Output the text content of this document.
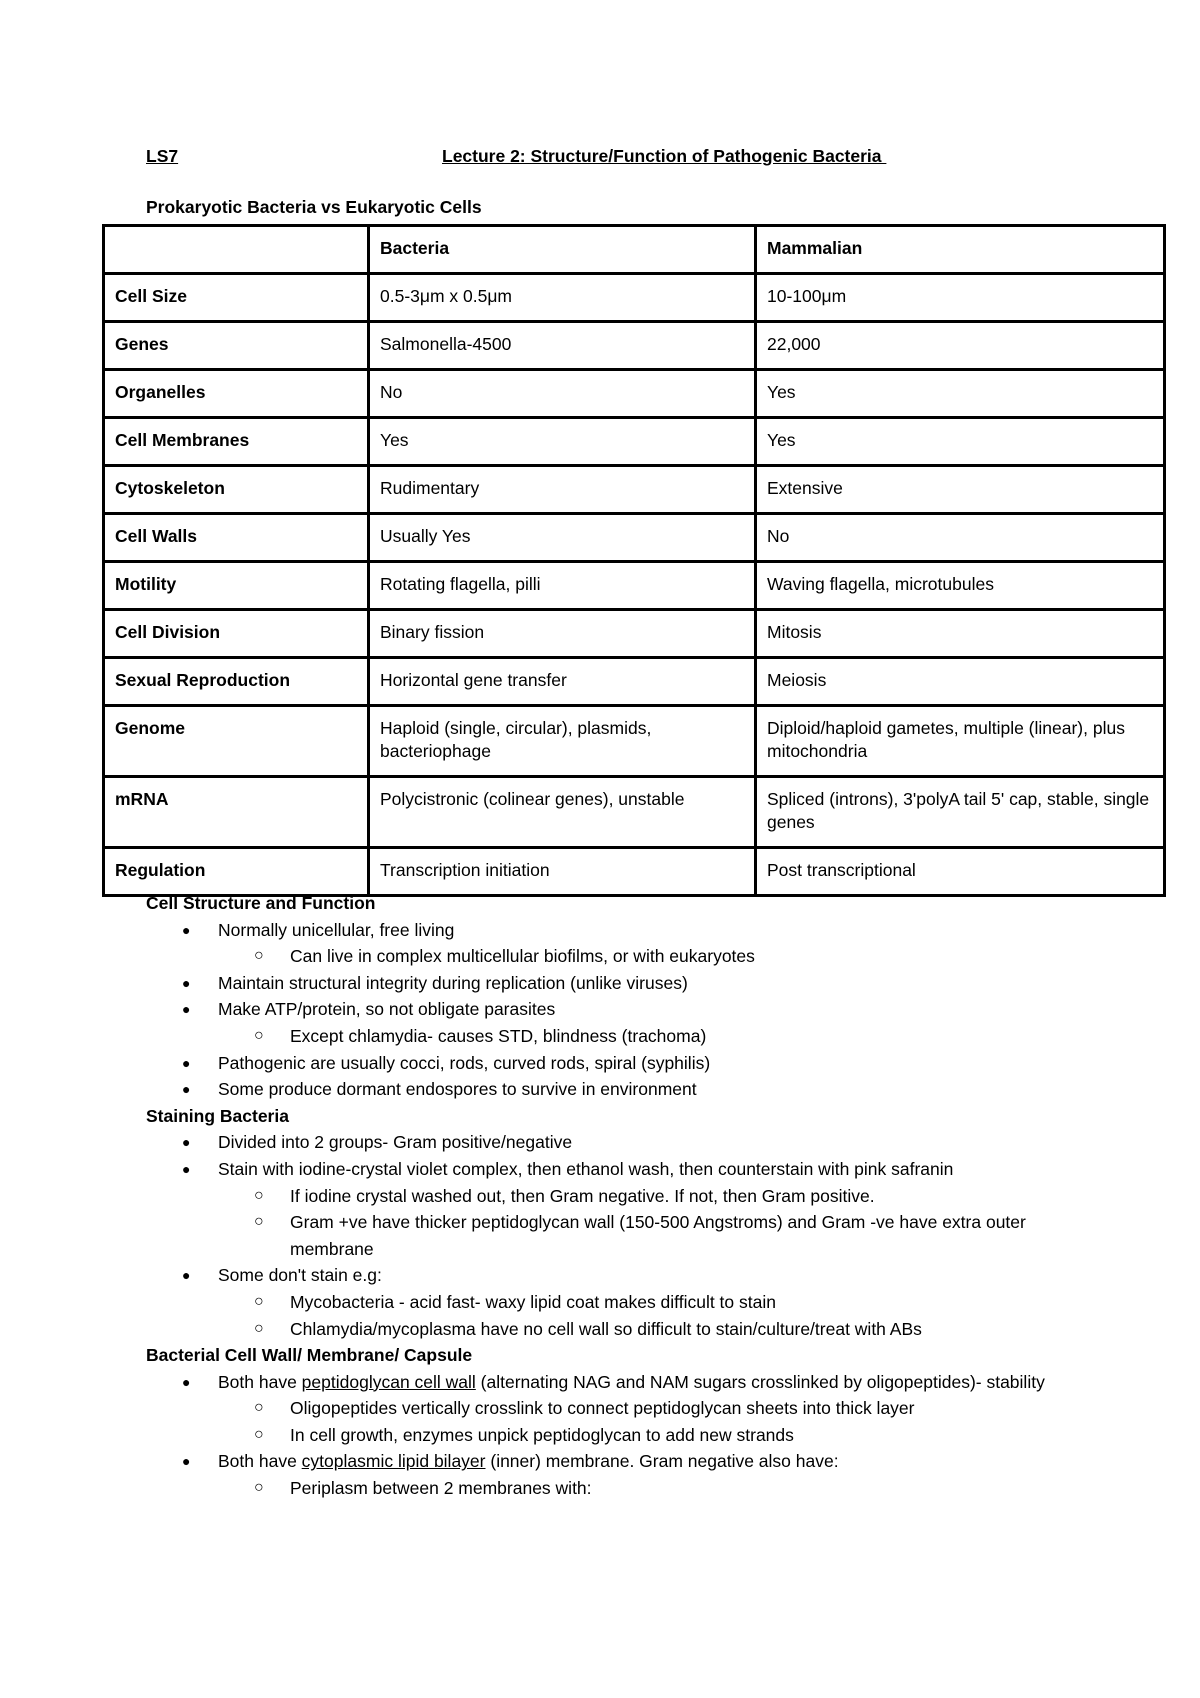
LS7	Lecture 2: Structure/Function of Pathogenic Bacteria
Prokaryotic Bacteria vs Eukaryotic Cells
	Bacteria	Mammalian
Cell Size	0.5-3μm x 0.5μm	10-100μm
Genes	Salmonella-4500	22,000
Organelles	No	Yes
Cell Membranes	Yes	Yes
Cytoskeleton	Rudimentary	Extensive
Cell Walls	Usually Yes	No
Motility	Rotating flagella, pilli	Waving flagella, microtubules
Cell Division	Binary fission	Mitosis
Sexual Reproduction	Horizontal gene transfer	Meiosis
Genome	Haploid (single, circular), plasmids, bacteriophage	Diploid/haploid gametes, multiple (linear), plus mitochondria
mRNA	Polycistronic (colinear genes), unstable	Spliced (introns), 3'polyA tail 5' cap, stable, single genes
Regulation	Transcription initiation	Post transcriptional
Cell Structure and Function
● Normally unicellular, free living
○ Can live in complex multicellular biofilms, or with eukaryotes
● Maintain structural integrity during replication (unlike viruses)
● Make ATP/protein, so not obligate parasites
○ Except chlamydia- causes STD, blindness (trachoma)
● Pathogenic are usually cocci, rods, curved rods, spiral (syphilis)
● Some produce dormant endospores to survive in environment
Staining Bacteria
● Divided into 2 groups- Gram positive/negative
● Stain with iodine-crystal violet complex, then ethanol wash, then counterstain with pink safranin
○ If iodine crystal washed out, then Gram negative. If not, then Gram positive.
○ Gram +ve have thicker peptidoglycan wall (150-500 Angstroms) and Gram -ve have extra outer membrane
● Some don't stain e.g:
○ Mycobacteria - acid fast- waxy lipid coat makes difficult to stain
○ Chlamydia/mycoplasma have no cell wall so difficult to stain/culture/treat with ABs
Bacterial Cell Wall/ Membrane/ Capsule
● Both have peptidoglycan cell wall (alternating NAG and NAM sugars crosslinked by oligopeptides)- stability
○ Oligopeptides vertically crosslink to connect peptidoglycan sheets into thick layer
○ In cell growth, enzymes unpick peptidoglycan to add new strands
● Both have cytoplasmic lipid bilayer (inner) membrane. Gram negative also have:
○ Periplasm between 2 membranes with:
